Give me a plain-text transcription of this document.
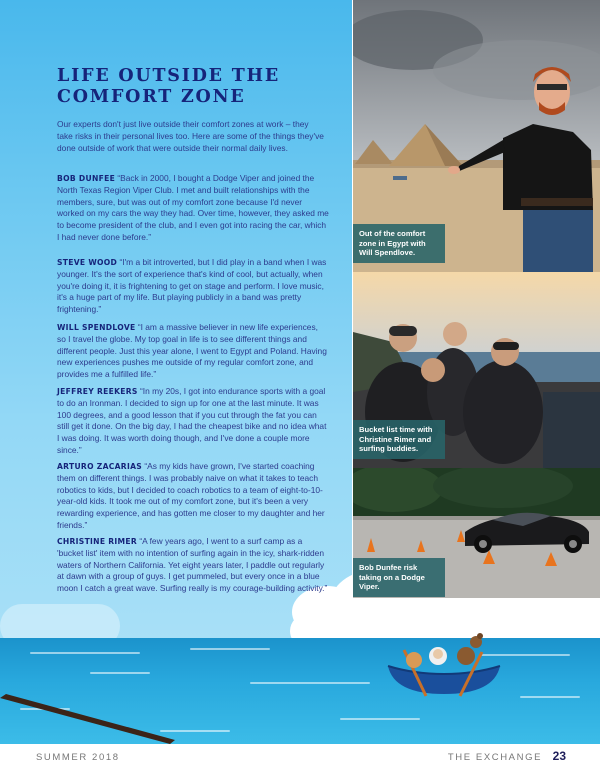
LIFE OUTSIDE THE
COMFORT ZONE

Our experts don't just live outside their comfort zones at work – they take risks in their personal lives too. Here are some of the things they've done outside of work that were outside their normal daily lives.

BOB DUNFEE “Back in 2000, I bought a Dodge Viper and joined the North Texas Region Viper Club. I met and built relationships with the members, sure, but was out of my comfort zone because I'd never worked on my cars the way they had. Over time, however, they asked me to become president of the club, and I even got into racing the car, which I had never done before.”

STEVE WOOD “I'm a bit introverted, but I did play in a band when I was younger. It's the sort of experience that's kind of cool, but actually, when you're doing it, it is frightening to get on stage and perform. I love music, it's a huge part of my life. But playing publicly in a band was pretty frightening.”

WILL SPENDLOVE “I am a massive believer in new life experiences, so I travel the globe. My top goal in life is to see different things and different people. Just this year alone, I went to Egypt and Poland. Having new experiences pushes me outside of my regular comfort zone, and provides me a fulfilled life.”

JEFFREY REEKERS “In my 20s, I got into endurance sports with a goal to do an Ironman. I decided to sign up for one at the last minute. It was 100 degrees, and a good lesson that if you cut through the fat you can still get it done. On the big day, I had the cheapest bike and no idea what I was doing. It was worth doing though, and I've done a couple more since.”

ARTURO ZACARIAS “As my kids have grown, I've started coaching them on different things. I was probably naive on what it takes to teach robotics to kids, but I decided to coach robotics to a team of eight-to-10-year-old kids. It took me out of my comfort zone, but it's been a very rewarding experience, and has gotten me closer to my daughter and her friends.”

CHRISTINE RIMER “A few years ago, I went to a surf camp as a 'bucket list' item with no intention of surfing again in the icy, shark-ridden waters of Northern California. Yet eight years later, I paddle out regularly at dawn with a group of guys. I get pummeled, but every once in a blue moon I catch a great wave. Surfing really is my courage-building activity.”

Out of the comfort zone in Egypt with Will Spendlove.
Bucket list time with Christine Rimer and surfing buddies.
Bob Dunfee risk taking on a Dodge Viper.
SUMMER 2018	THE EXCHANGE 23
